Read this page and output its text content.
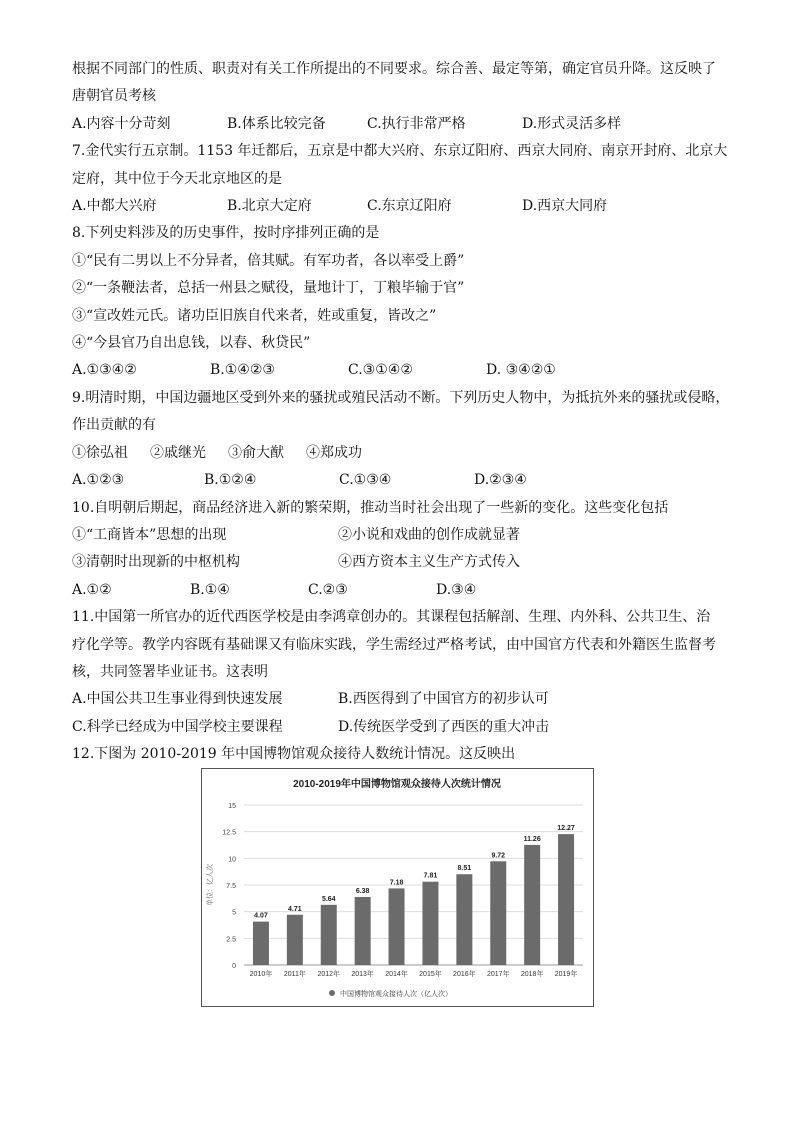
根据不同部门的性质、职责对有关工作所提出的不同要求。综合善、最定等第，确定官员升降。这反映了
唐朝官员考核
A.内容十分苛刻	B.体系比较完备	C.执行非常严格	D.形式灵活多样
7.金代实行五京制。1153 年迁都后，五京是中都大兴府、东京辽阳府、西京大同府、南京开封府、北京大
定府，其中位于今天北京地区的是
A.中都大兴府	B.北京大定府	C.东京辽阳府	D.西京大同府
8.下列史料涉及的历史事件，按时序排列正确的是
①“民有二男以上不分异者，倍其赋。有军功者，各以率受上爵”
②“一条鞭法者，总括一州县之赋役，量地计丁，丁粮毕输于官”
③“宣改姓元氏。诸功臣旧族自代来者，姓或重复，皆改之”
④“今县官乃自出息钱，以春、秋贷民”
A.①③④②	B.①④②③	C.③①④②	D. ③④②①
9.明清时期，中国边疆地区受到外来的骚扰或殖民活动不断。下列历史人物中，为抵抗外来的骚扰或侵略，
作出贡献的有
①徐弘祖 ②戚继光 ③俞大猷 ④郑成功
A.①②③	B.①②④	C.①③④	D.②③④
10.自明朝后期起，商品经济进入新的繁荣期，推动当时社会出现了一些新的变化。这些变化包括
①“工商皆本”思想的出现	②小说和戏曲的创作成就显著
③清朝时出现新的中枢机构	④西方资本主义生产方式传入
A.①②	B.①④	C.②③	D.③④
11.中国第一所官办的近代西医学校是由李鸿章创办的。其课程包括解剖、生理、内外科、公共卫生、治
疗化学等。教学内容既有基础课又有临床实践，学生需经过严格考试，由中国官方代表和外籍医生监督考
核，共同签署毕业证书。这表明
A.中国公共卫生事业得到快速发展	B.西医得到了中国官方的初步认可
C.科学已经成为中国学校主要课程	D.传统医学受到了西医的重大冲击
12.下图为 2010-2019 年中国博物馆观众接待人数统计情况。这反映出
2010-2019年中国博物馆观众接待人次统计情况
0
2.5
5
7.5
10
12.5
15
单位：亿人次
4.07
2010年
4.71
2011年
5.64
2012年
6.38
2013年
7.18
2014年
7.81
2015年
8.51
2016年
9.72
2017年
11.26
2018年
12.27
2019年
中国博物馆观众接待人次（亿人次）
